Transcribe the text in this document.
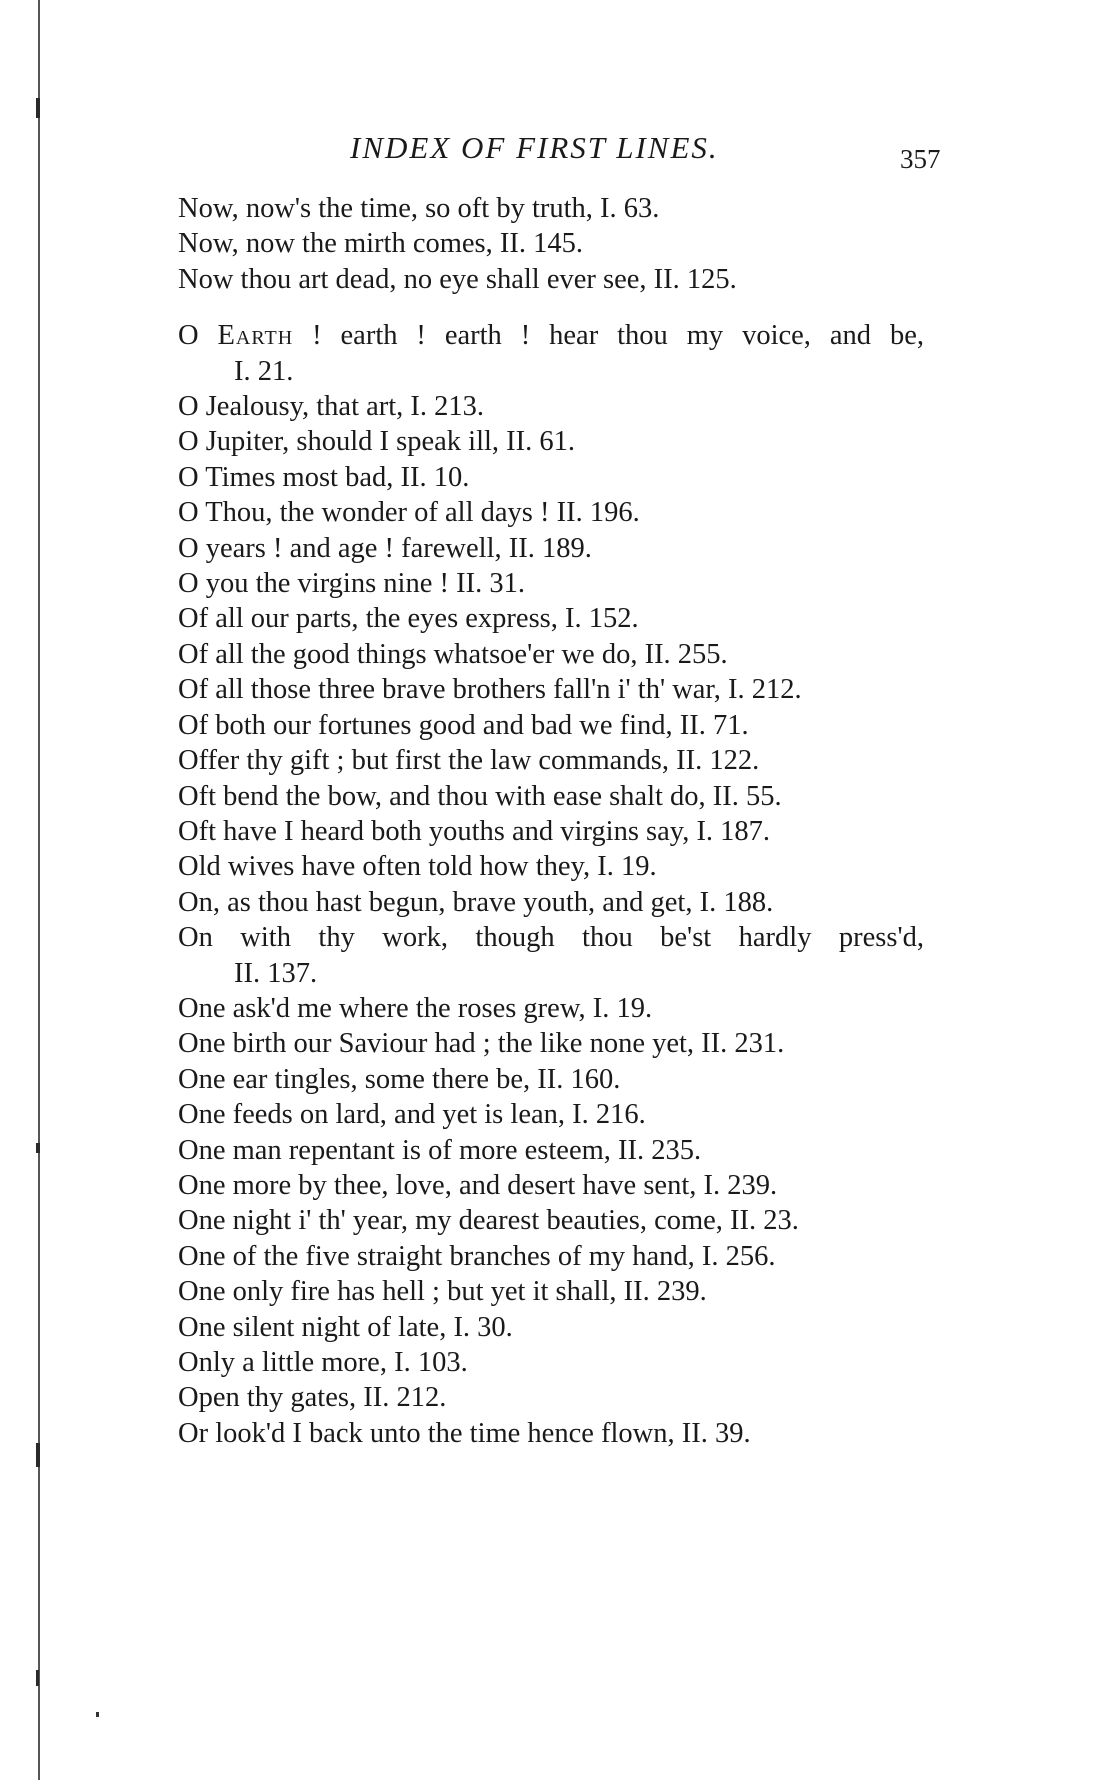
INDEX OF FIRST LINES.	357
Now, now's the time, so oft by truth, I. 63.
Now, now the mirth comes, II. 145.
Now thou art dead, no eye shall ever see, II. 125.
O Earth ! earth ! earth ! hear thou my voice, and be,
I. 21.
O Jealousy, that art, I. 213.
O Jupiter, should I speak ill, II. 61.
O Times most bad, II. 10.
O Thou, the wonder of all days ! II. 196.
O years ! and age ! farewell, II. 189.
O you the virgins nine ! II. 31.
Of all our parts, the eyes express, I. 152.
Of all the good things whatsoe'er we do, II. 255.
Of all those three brave brothers fall'n i' th' war, I. 212.
Of both our fortunes good and bad we find, II. 71.
Offer thy gift ; but first the law commands, II. 122.
Oft bend the bow, and thou with ease shalt do, II. 55.
Oft have I heard both youths and virgins say, I. 187.
Old wives have often told how they, I. 19.
On, as thou hast begun, brave youth, and get, I. 188.
On with thy work, though thou be'st hardly press'd,
II. 137.
One ask'd me where the roses grew, I. 19.
One birth our Saviour had ; the like none yet, II. 231.
One ear tingles, some there be, II. 160.
One feeds on lard, and yet is lean, I. 216.
One man repentant is of more esteem, II. 235.
One more by thee, love, and desert have sent, I. 239.
One night i' th' year, my dearest beauties, come, II. 23.
One of the five straight branches of my hand, I. 256.
One only fire has hell ; but yet it shall, II. 239.
One silent night of late, I. 30.
Only a little more, I. 103.
Open thy gates, II. 212.
Or look'd I back unto the time hence flown, II. 39.
